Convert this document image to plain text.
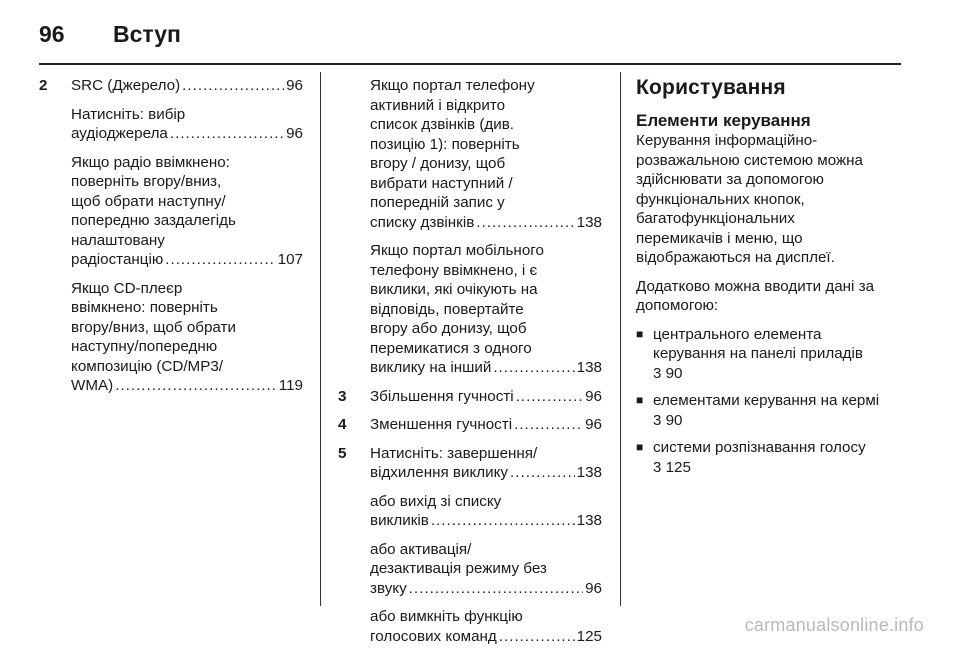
96	Вступ
2	SRC (Джерело) .....	96
Натисніть: вибір
аудіоджерела .....	96
Якщо радіо ввімкнено:
поверніть вгору/вниз,
щоб обрати наступну/
попередню заздалегідь
налаштовану
радіостанцію .....	107
Якщо CD-плеєр
ввімкнено: поверніть
вгору/вниз, щоб обрати
наступну/попередню
композицію (CD/MP3/
WMA) .....	119
Якщо портал телефону
активний і відкрито
список дзвінків (див.
позицію 1): поверніть
вгору / донизу, щоб
вибрати наступний /
попередній запис у
списку дзвінків .....	138
Якщо портал мобільного
телефону ввімкнено, і є
виклики, які очікують на
відповідь, повертайте
вгору або донизу, щоб
перемикатися з одного
виклику на інший .....	138
3	Збільшення гучності .....	96
4	Зменшення гучності .....	96
5	Натисніть: завершення/
відхилення виклику .....	138
або вихід зі списку
викликів .....	138
або активація/
дезактивація режиму без
звуку .....	96
або вимкніть функцію
голосових команд .....	125
Користування
Елементи керування
Керування інформаційно-
розважальною системою можна
здійснювати за допомогою
функціональних кнопок,
багатофункціональних
перемикачів і меню, що
відображаються на дисплеї.
Додатково можна вводити дані за
допомогою:
■ центрального елемента
керування на панелі приладів
3 90
■ елементами керування на кермі
3 90
■ системи розпізнавання голосу
3 125
carmanualsonline.info
